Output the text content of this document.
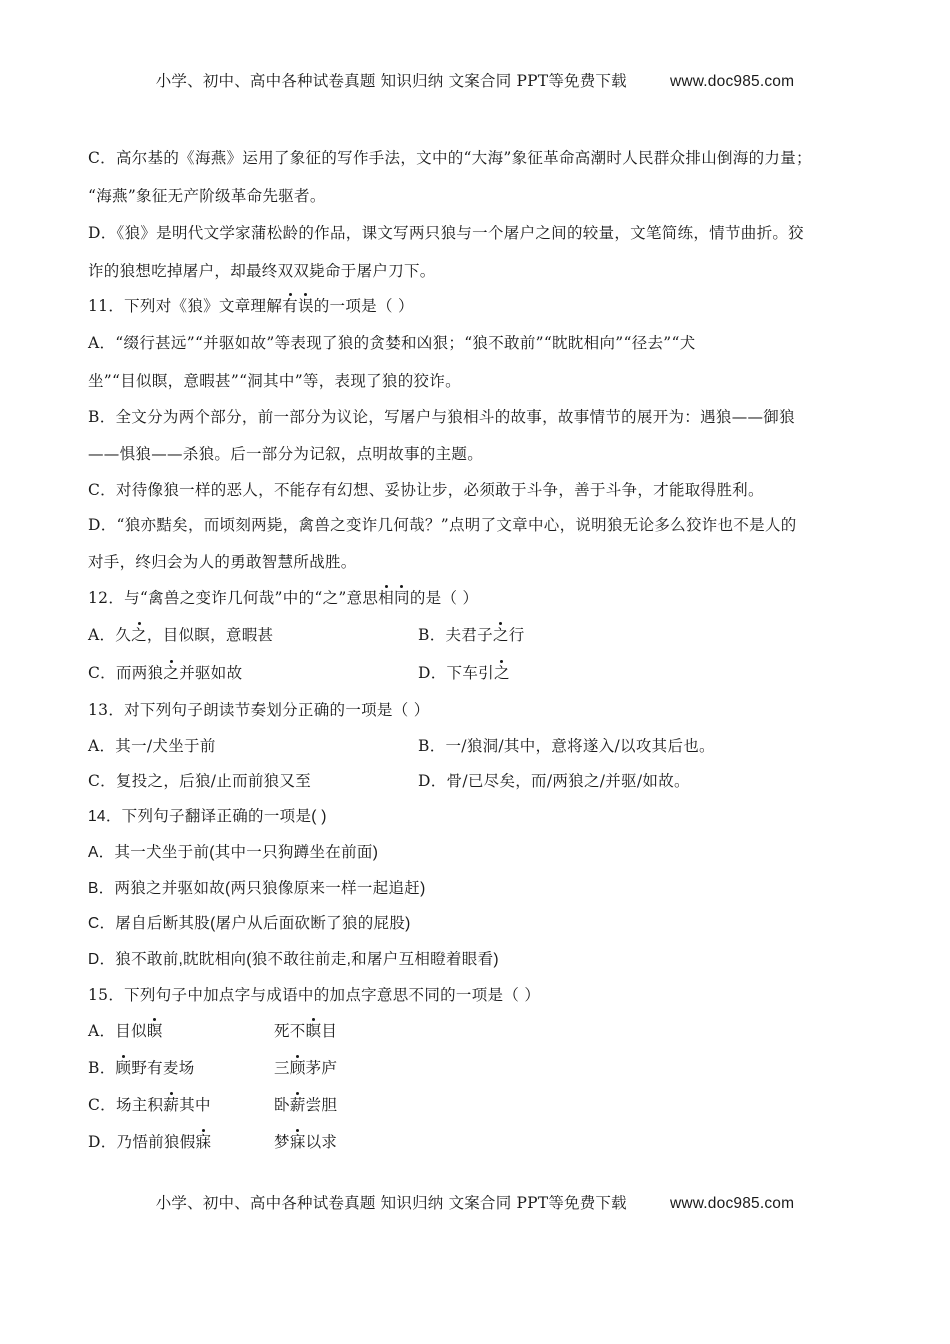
小学、初中、高中各种试卷真题 知识归纳 文案合同 PPT等免费下载	www.doc985.com
C．高尔基的《海燕》运用了象征的写作手法，文中的“大海”象征革命高潮时人民群众排山倒海的力量；
“海燕”象征无产阶级革命先驱者。
D．《狼》是明代文学家蒲松龄的作品，课文写两只狼与一个屠户之间的较量，文笔简练，情节曲折。狡
诈的狼想吃掉屠户，却最终双双毙命于屠户刀下。
11．下列对《狼》文章理解有误的一项是（ ）
A．“缀行甚远”“并驱如故”等表现了狼的贪婪和凶狠；“狼不敢前”“眈眈相向”“径去”“犬
坐”“目似瞑，意暇甚”“洞其中”等，表现了狼的狡诈。
B．全文分为两个部分，前一部分为议论，写屠户与狼相斗的故事，故事情节的展开为：遇狼——御狼
——惧狼——杀狼。后一部分为记叙，点明故事的主题。
C．对待像狼一样的恶人，不能存有幻想、妥协让步，必须敢于斗争，善于斗争，才能取得胜利。
D．“狼亦黠矣，而顷刻两毙，禽兽之变诈几何哉？”点明了文章中心，说明狼无论多么狡诈也不是人的
对手，终归会为人的勇敢智慧所战胜。
12．与“禽兽之变诈几何哉”中的“之”意思相同的是（ ）
A．久之，目似瞑，意暇甚	B．夫君子之行
C．而两狼之并驱如故	D．下车引之
13．对下列句子朗读节奏划分正确的一项是（ ）
A．其一/犬坐于前	B．一/狼洞/其中，意将遂入/以攻其后也。
C．复投之，后狼/止而前狼又至	D．骨/已尽矣，而/两狼之/并驱/如故。
14．下列句子翻译正确的一项是( )
A．其一犬坐于前(其中一只狗蹲坐在前面)
B．两狼之并驱如故(两只狼像原来一样一起追赶)
C．屠自后断其股(屠户从后面砍断了狼的屁股)
D．狼不敢前,眈眈相向(狼不敢往前走,和屠户互相瞪着眼看)
15．下列句子中加点字与成语中的加点字意思不同的一项是（ ）
A．目似瞑	死不瞑目
B．顾野有麦场	三顾茅庐
C．场主积薪其中	卧薪尝胆
D．乃悟前狼假寐	梦寐以求
小学、初中、高中各种试卷真题 知识归纳 文案合同 PPT等免费下载	www.doc985.com
